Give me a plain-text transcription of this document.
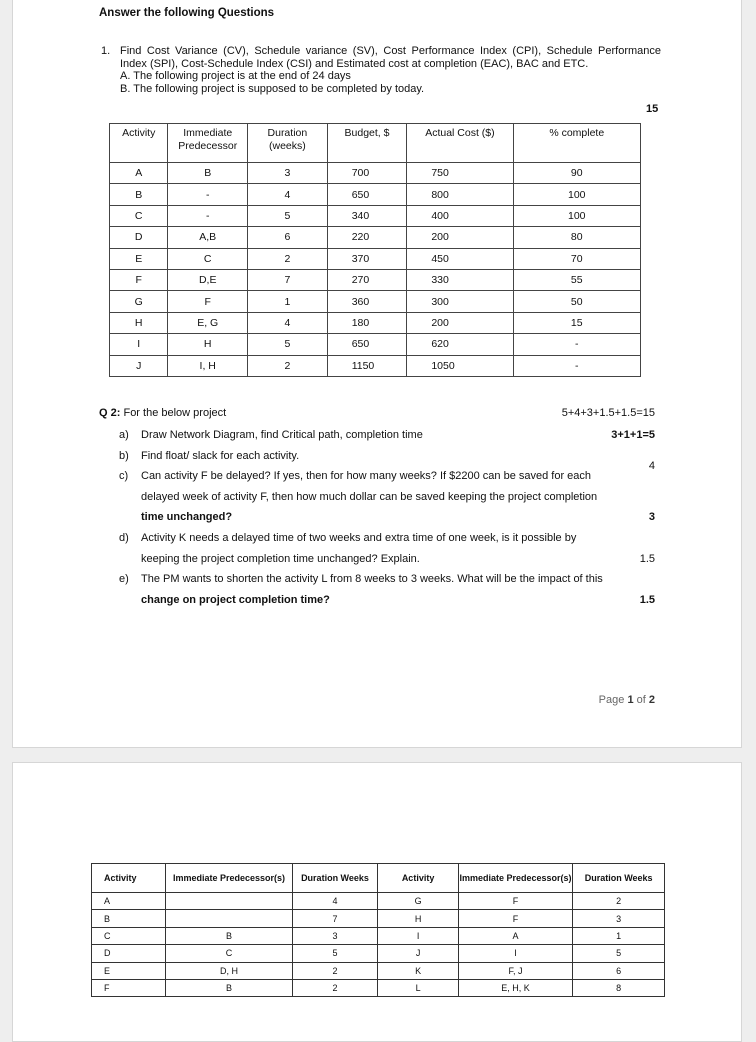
Answer the following Questions
1. Find Cost Variance (CV), Schedule variance (SV), Cost Performance Index (CPI), Schedule Performance Index (SPI), Cost-Schedule Index (CSI) and Estimated cost at completion (EAC), BAC and ETC.
A. The following project is at the end of 24 days
B. The following project is supposed to be completed by today.
15
Activity	Immediate Predecessor	Duration (weeks)	Budget, $	Actual Cost ($)	% complete
A	B	3	700	750	90
B	-	4	650	800	100
C	-	5	340	400	100
D	A,B	6	220	200	80
E	C	2	370	450	70
F	D,E	7	270	330	55
G	F	1	360	300	50
H	E, G	4	180	200	15
I	H	5	650	620	-
J	I, H	2	1150	1050	-
Q 2: For the below project	5+4+3+1.5+1.5=15
a) Draw Network Diagram, find Critical path, completion time	3+1+1=5
b) Find float/ slack for each activity.
4
c) Can activity F be delayed? If yes, then for how many weeks? If $2200 can be saved for each
delayed week of activity F, then how much dollar can be saved keeping the project completion
time unchanged?	3
d) Activity K needs a delayed time of two weeks and extra time of one week, is it possible by
keeping the project completion time unchanged? Explain.	1.5
e) The PM wants to shorten the activity L from 8 weeks to 3 weeks. What will be the impact of this
change on project completion time?	1.5
Page 1 of 2
Activity	Immediate Predecessor(s)	Duration Weeks	Activity	Immediate Predecessor(s)	Duration Weeks
A		4	G	F	2
B		7	H	F	3
C	B	3	I	A	1
D	C	5	J	I	5
E	D, H	2	K	F, J	6
F	B	2	L	E, H, K	8
